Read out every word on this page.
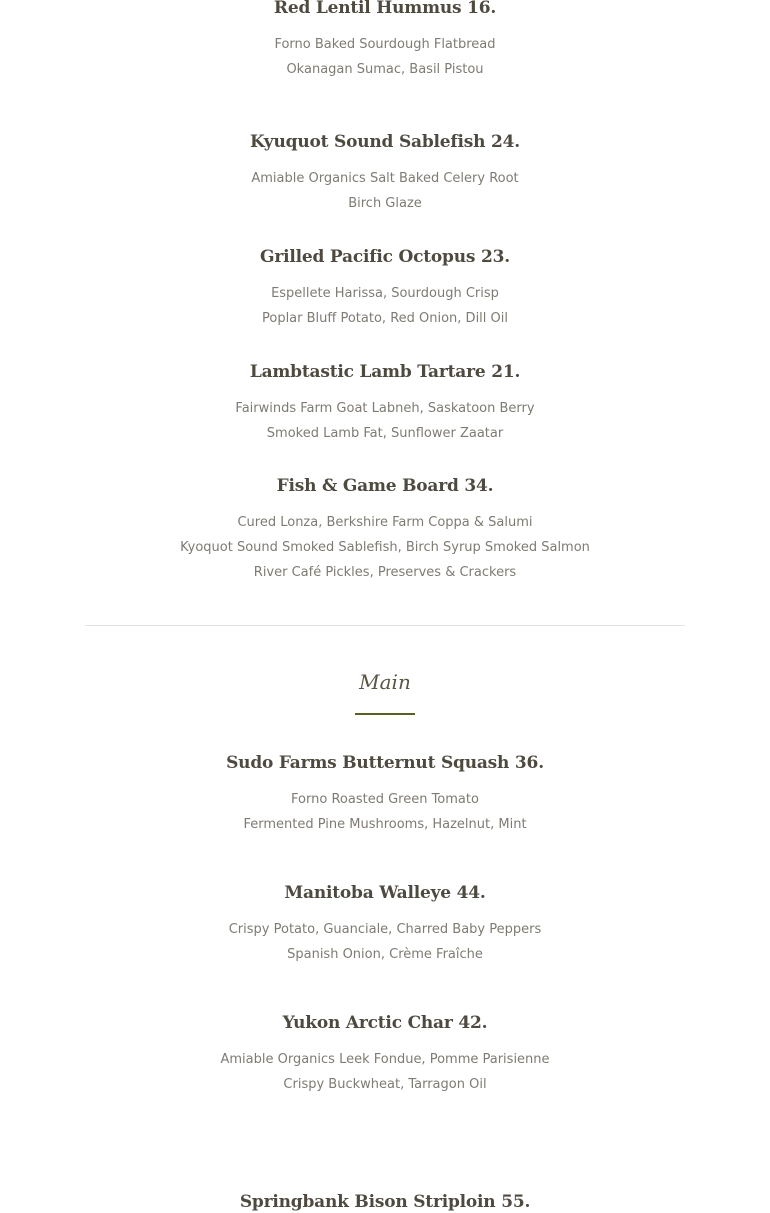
Red Lentil Hummus 16.
Forno Baked Sourdough Flatbread
Okanagan Sumac, Basil Pistou
Kyuquot Sound Sablefish 24.
Amiable Organics Salt Baked Celery Root
Birch Glaze
Grilled Pacific Octopus 23.
Espellete Harissa, Sourdough Crisp
Poplar Bluff Potato, Red Onion, Dill Oil
Lambtastic Lamb Tartare 21.
Fairwinds Farm Goat Labneh, Saskatoon Berry
Smoked Lamb Fat, Sunflower Zaatar
Fish & Game Board 34.
Cured Lonza, Berkshire Farm Coppa & Salumi
Kyoquot Sound Smoked Sablefish, Birch Syrup Smoked Salmon
River Café Pickles, Preserves & Crackers
Main
Sudo Farms Butternut Squash 36.
Forno Roasted Green Tomato
Fermented Pine Mushrooms, Hazelnut, Mint
Manitoba Walleye 44.
Crispy Potato, Guanciale, Charred Baby Peppers
Spanish Onion, Crème Fraîche
Yukon Arctic Char 42.
Amiable Organics Leek Fondue, Pomme Parisienne
Crispy Buckwheat, Tarragon Oil
Springbank Bison Striploin 55.
